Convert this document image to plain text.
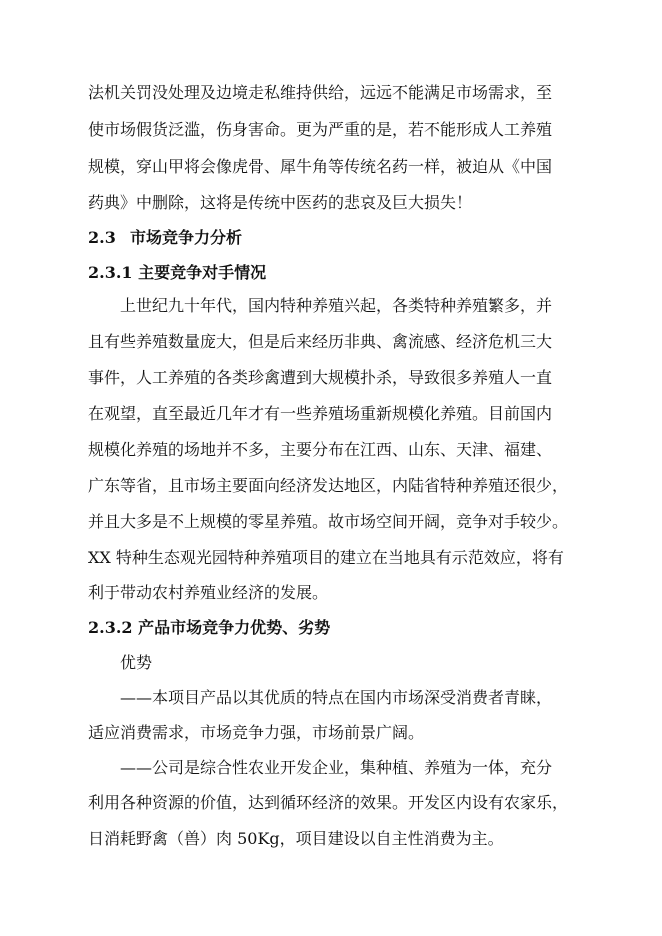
法机关罚没处理及边境走私维持供给，远远不能满足市场需求，至
使市场假货泛滥，伤身害命。更为严重的是，若不能形成人工养殖
规模，穿山甲将会像虎骨、犀牛角等传统名药一样，被迫从《中国
药典》中删除，这将是传统中医药的悲哀及巨大损失！
2.3 市场竞争力分析
2.3.1 主要竞争对手情况
上世纪九十年代，国内特种养殖兴起，各类特种养殖繁多，并
且有些养殖数量庞大，但是后来经历非典、禽流感、经济危机三大
事件，人工养殖的各类珍禽遭到大规模扑杀，导致很多养殖人一直
在观望，直至最近几年才有一些养殖场重新规模化养殖。目前国内
规模化养殖的场地并不多，主要分布在江西、山东、天津、福建、
广东等省，且市场主要面向经济发达地区，内陆省特种养殖还很少，
并且大多是不上规模的零星养殖。故市场空间开阔，竞争对手较少。
XX 特种生态观光园特种养殖项目的建立在当地具有示范效应，将有
利于带动农村养殖业经济的发展。
2.3.2 产品市场竞争力优势、劣势
优势
——本项目产品以其优质的特点在国内市场深受消费者青睐，
适应消费需求，市场竞争力强，市场前景广阔。
——公司是综合性农业开发企业，集种植、养殖为一体，充分
利用各种资源的价值，达到循环经济的效果。开发区内设有农家乐，
日消耗野禽（兽）肉 50Kg，项目建设以自主性消费为主。
